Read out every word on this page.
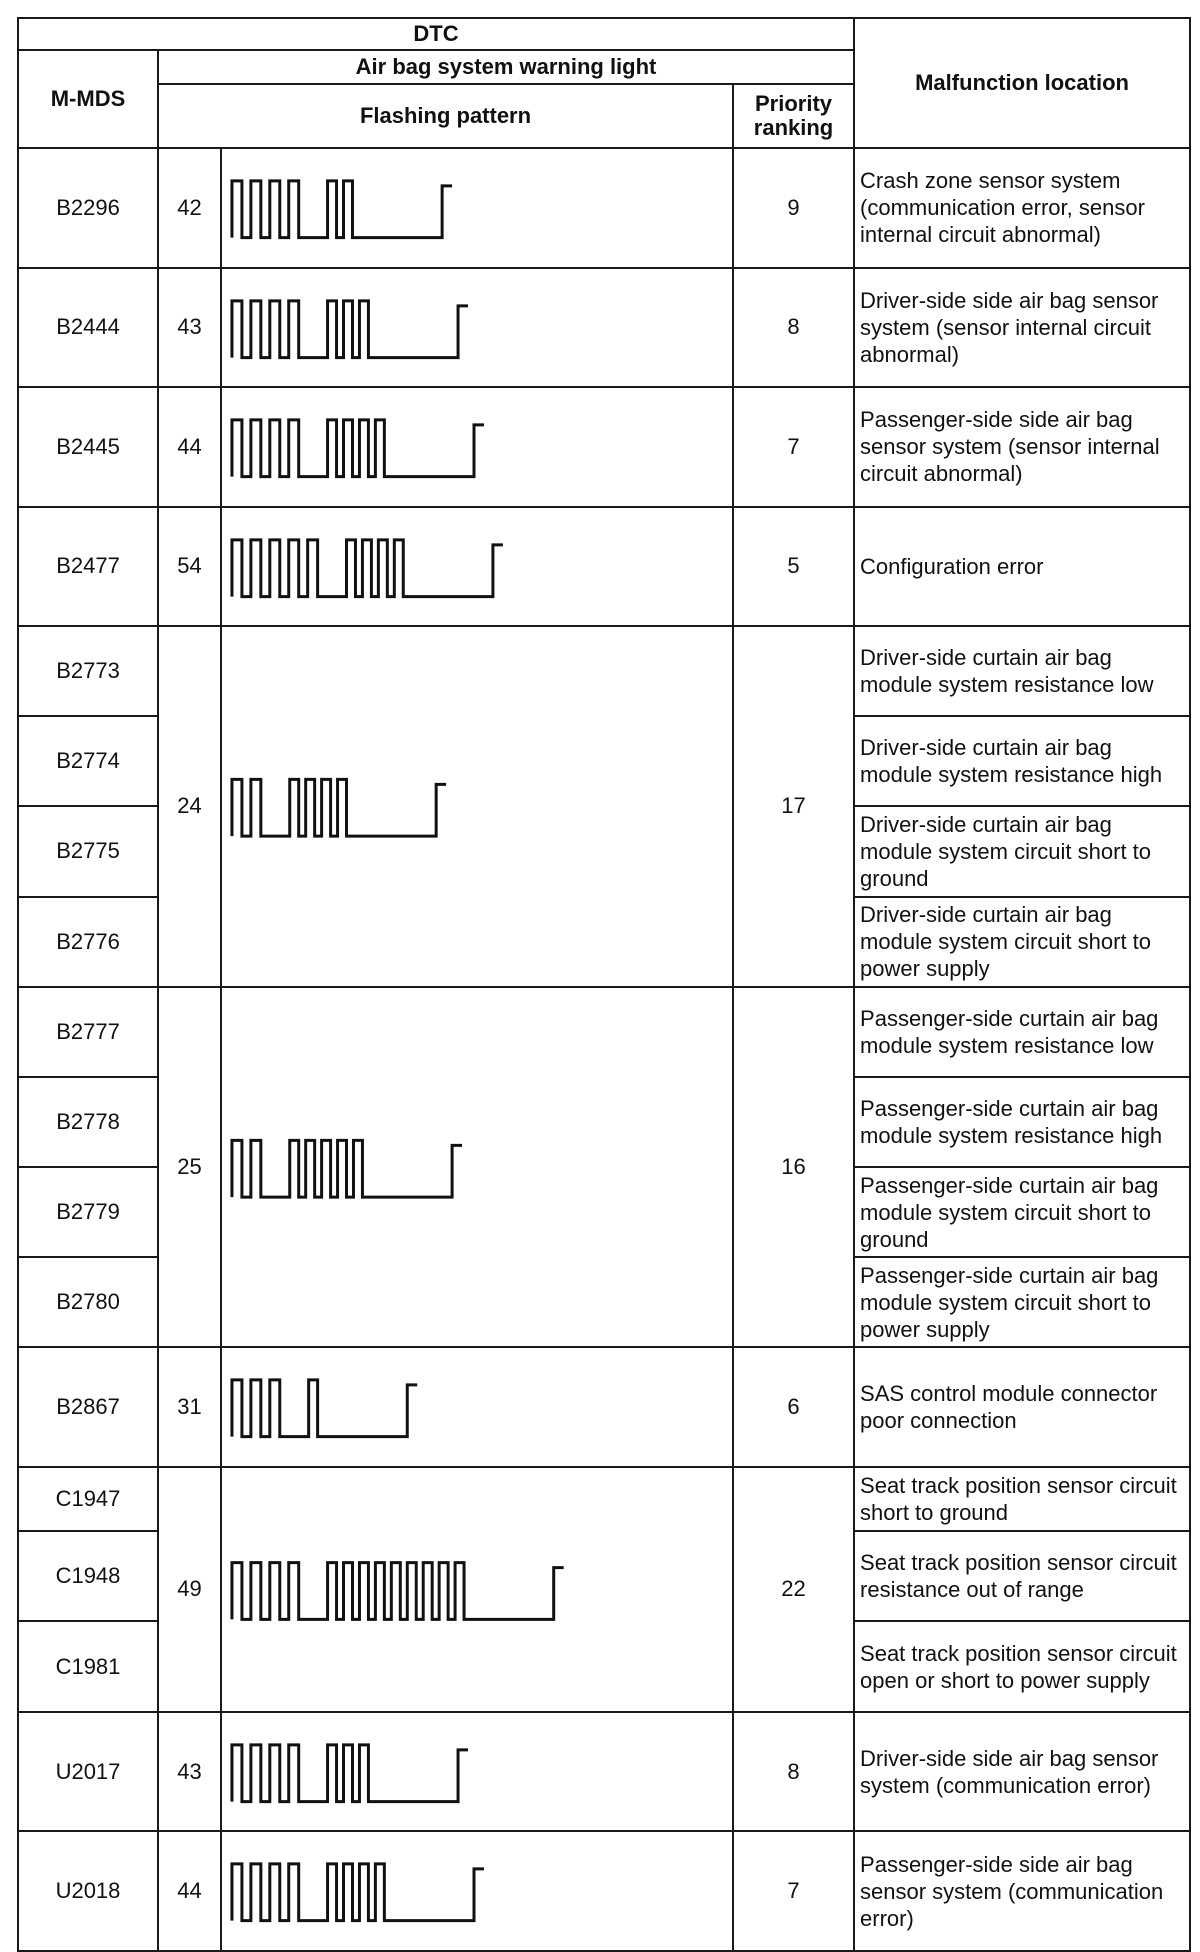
DTC				Malfunction location
M-MDS	Air bag system warning light			
	Flashing pattern		Priority ranking	
B2296	42		9	Crash zone sensor system (communication error, sensor internal circuit abnormal)
B2444	43		8	Driver-side side air bag sensor system (sensor internal circuit abnormal)
B2445	44		7	Passenger-side side air bag sensor system (sensor internal circuit abnormal)
B2477	54		5	Configuration error
B2773	24		17	Driver-side curtain air bag module system resistance low
B2774				Driver-side curtain air bag module system resistance high
B2775				Driver-side curtain air bag module system circuit short to ground
B2776				Driver-side curtain air bag module system circuit short to power supply
B2777	25		16	Passenger-side curtain air bag module system resistance low
B2778				Passenger-side curtain air bag module system resistance high
B2779				Passenger-side curtain air bag module system circuit short to ground
B2780				Passenger-side curtain air bag module system circuit short to power supply
B2867	31		6	SAS control module connector poor connection
C1947	49		22	Seat track position sensor circuit short to ground
C1948				Seat track position sensor circuit resistance out of range
C1981				Seat track position sensor circuit open or short to power supply
U2017	43		8	Driver-side side air bag sensor system (communication error)
U2018	44		7	Passenger-side side air bag sensor system (communication error)
